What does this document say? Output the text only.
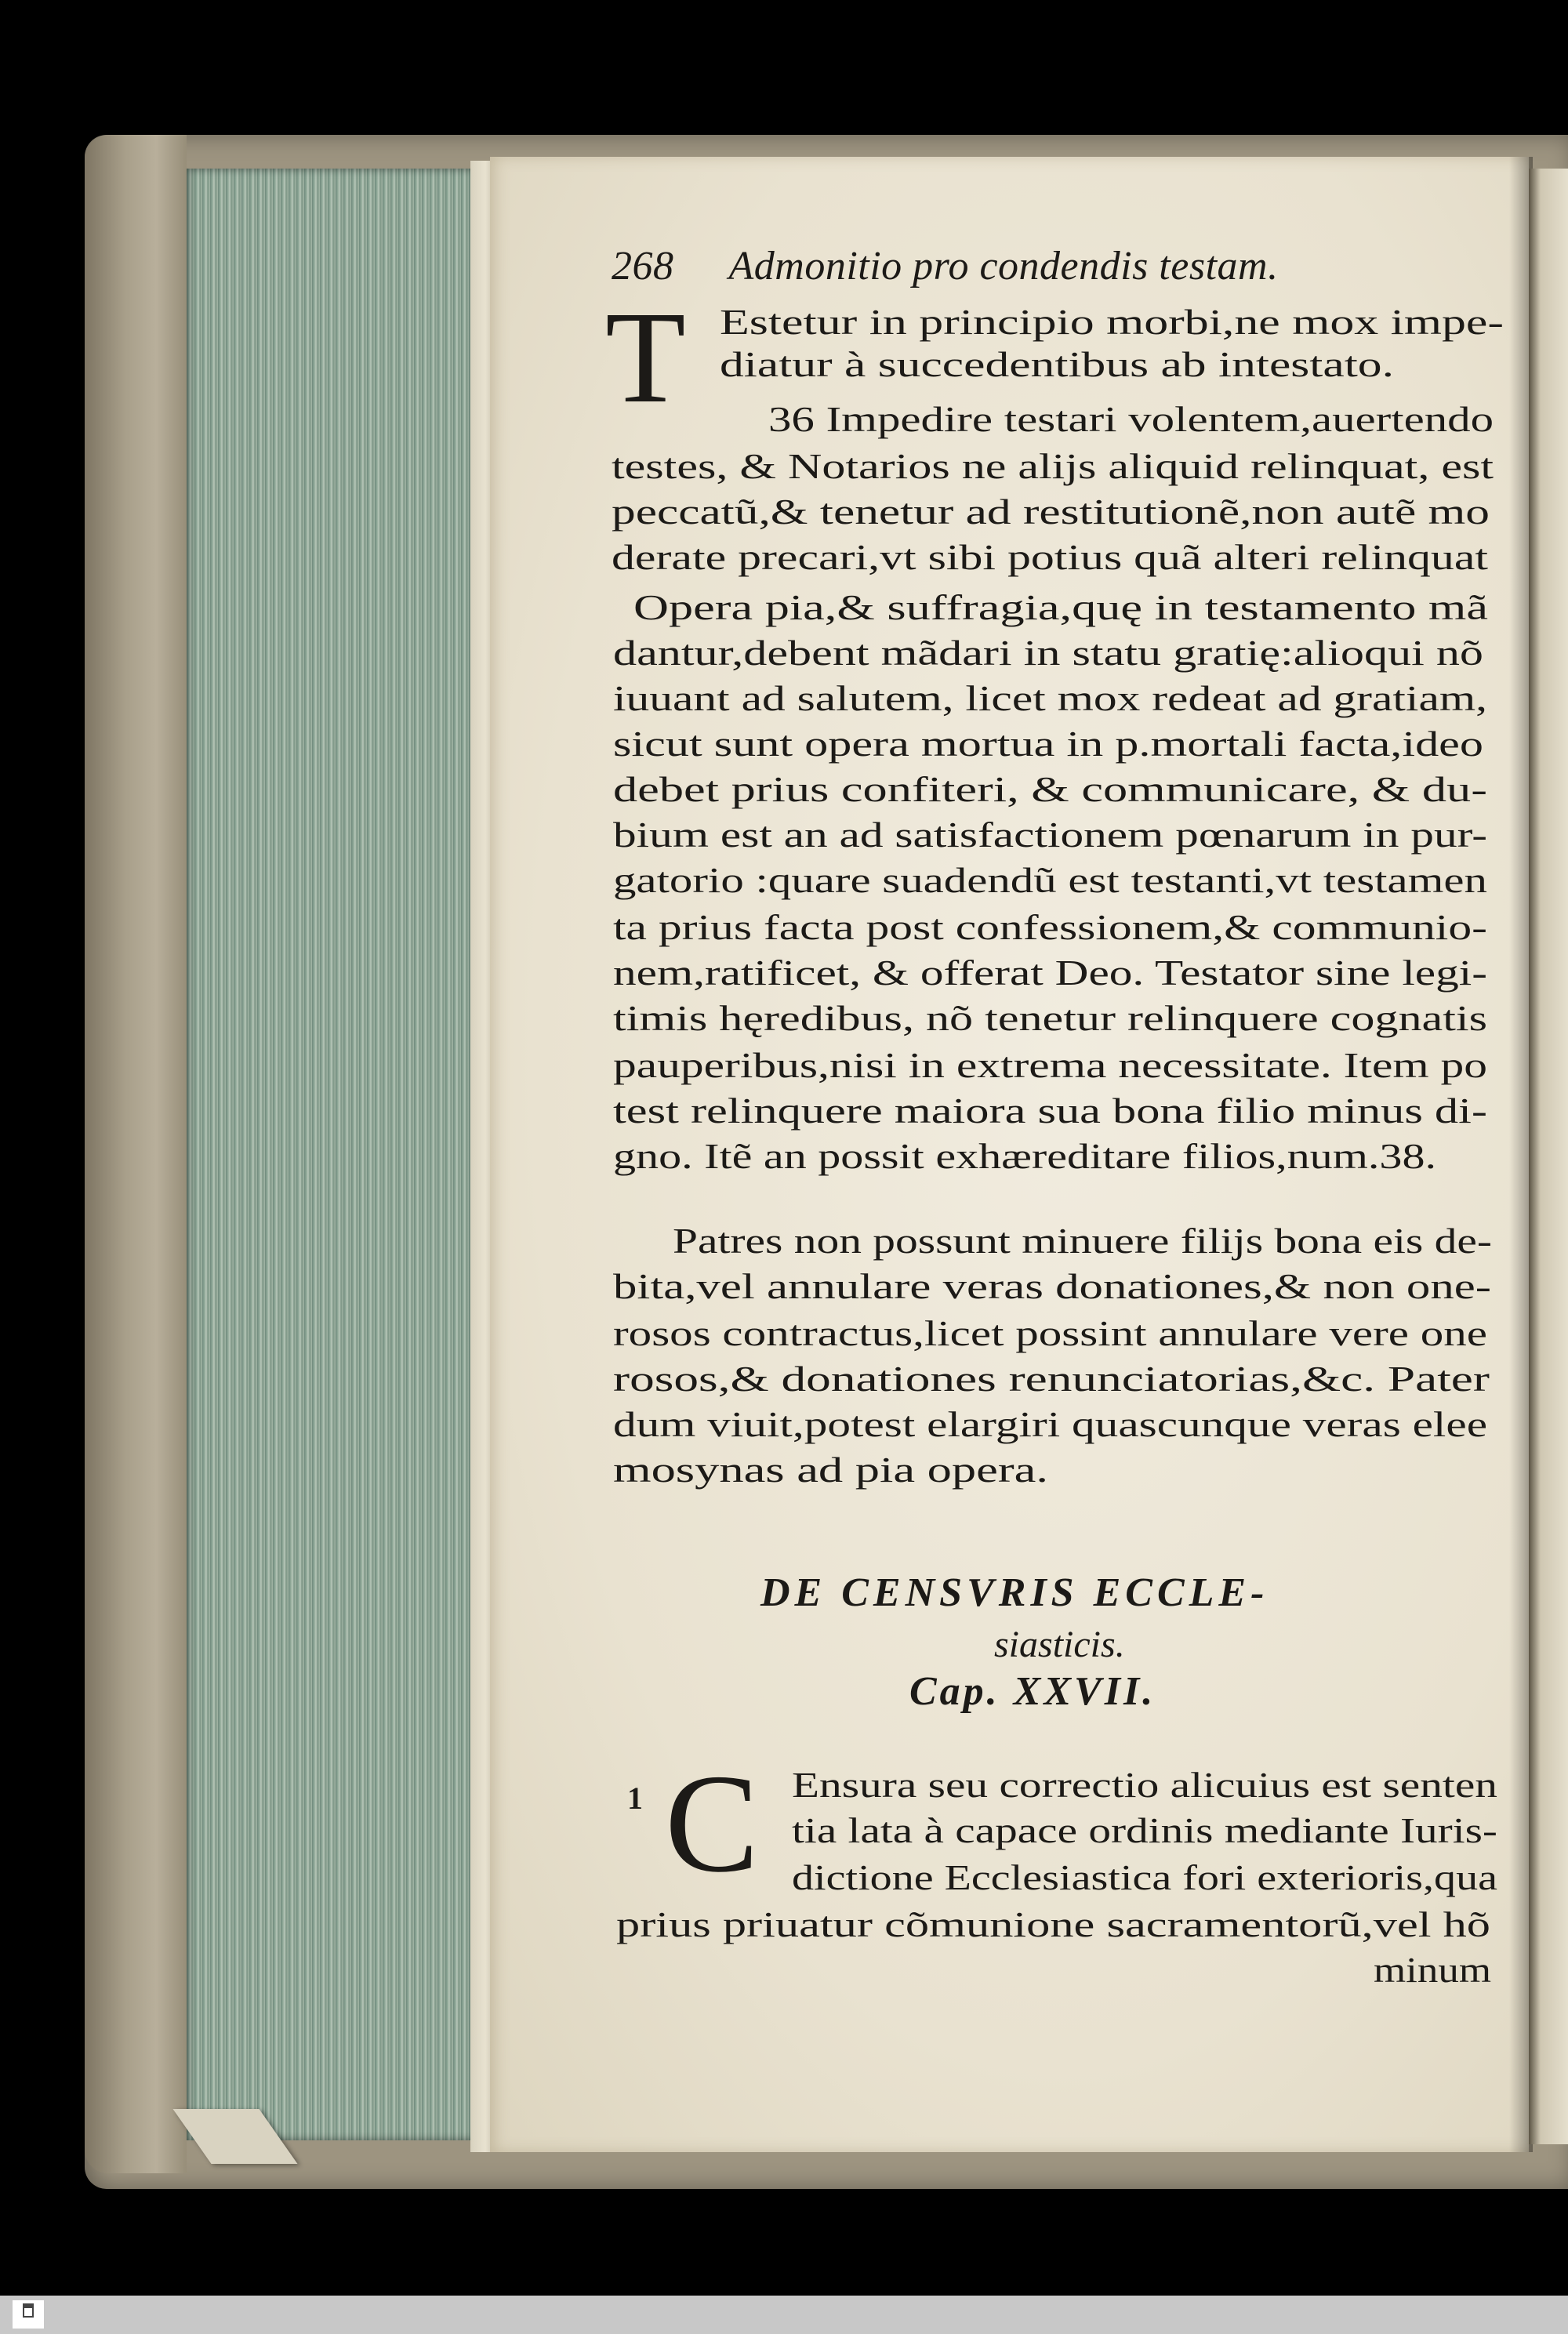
268 Admonitio pro condendis testam.
T Estetur in principio morbi,ne mox impe-
diatur à succedentibus ab intestato.
36 Impedire testari volentem,auertendo
testes, & Notarios ne alijs aliquid relinquat, est
peccatũ,& tenetur ad restitutionẽ,non autẽ mo
derate precari,vt sibi potius quã alteri relinquat
Opera pia,& suffragia,quę in testamento mã
dantur,debent mãdari in statu gratię:alioqui nõ
iuuant ad salutem, licet mox redeat ad gratiam,
sicut sunt opera mortua in p.mortali facta,ideo
debet prius confiteri, & communicare, & du-
bium est an ad satisfactionem pœnarum in pur-
gatorio :quare suadendũ est testanti,vt testamen
ta prius facta post confessionem,& communio-
nem,ratificet, & offerat Deo. Testator sine legi-
timis hęredibus, nõ tenetur relinquere cognatis
pauperibus,nisi in extrema necessitate. Item po
test relinquere maiora sua bona filio minus di-
gno. Itẽ an possit exhæreditare filios,num.38.
Patres non possunt minuere filijs bona eis de-
bita,vel annulare veras donationes,& non one-
rosos contractus,licet possint annulare vere one
rosos,& donationes renunciatorias,&c. Pater
dum viuit,potest elargiri quascunque veras elee
mosynas ad pia opera.
DE CENSVRIS ECCLE-
siasticis.
Cap. XXVII.
1 C Ensura seu correctio alicuius est senten
tia lata à capace ordinis mediante Iuris-
dictione Ecclesiastica fori exterioris,qua
prius priuatur cõmunione sacramentorũ,vel hõ
minum
